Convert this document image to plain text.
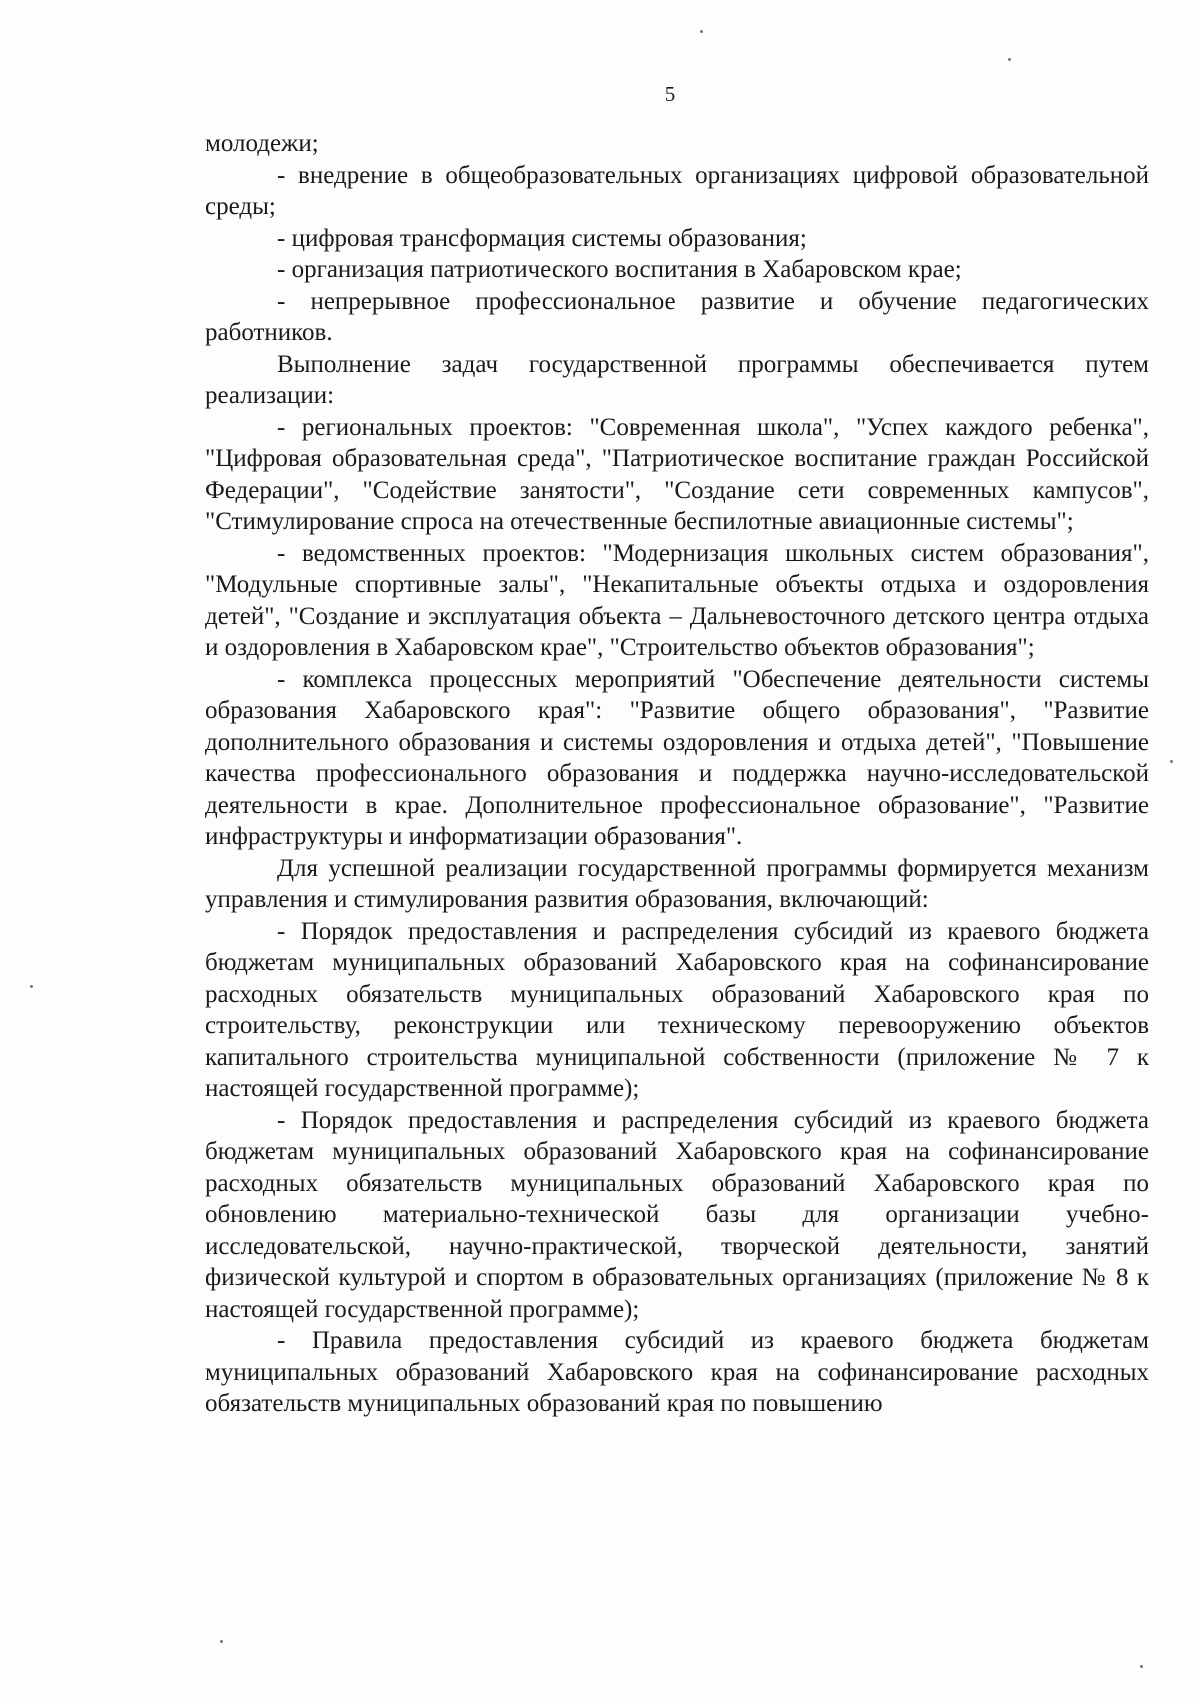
5

молодежи;

- внедрение в общеобразовательных организациях цифровой образовательной среды;

- цифровая трансформация системы образования;

- организация патриотического воспитания в Хабаровском крае;

- непрерывное профессиональное развитие и обучение педагогических работников.

Выполнение задач государственной программы обеспечивается путем реализации:

- региональных проектов: "Современная школа", "Успех каждого ребенка", "Цифровая образовательная среда", "Патриотическое воспитание граждан Российской Федерации", "Содействие занятости", "Создание сети современных кампусов", "Стимулирование спроса на отечественные беспилотные авиационные системы";

- ведомственных проектов: "Модернизация школьных систем образования", "Модульные спортивные залы", "Некапитальные объекты отдыха и оздоровления детей", "Создание и эксплуатация объекта – Дальневосточного детского центра отдыха и оздоровления в Хабаровском крае", "Строительство объектов образования";

- комплекса процессных мероприятий "Обеспечение деятельности системы образования Хабаровского края": "Развитие общего образования", "Развитие дополнительного образования и системы оздоровления и отдыха детей", "Повышение качества профессионального образования и поддержка научно-исследовательской деятельности в крае. Дополнительное профессиональное образование", "Развитие инфраструктуры и информатизации образования".

Для успешной реализации государственной программы формируется механизм управления и стимулирования развития образования, включающий:

- Порядок предоставления и распределения субсидий из краевого бюджета бюджетам муниципальных образований Хабаровского края на софинансирование расходных обязательств муниципальных образований Хабаровского края по строительству, реконструкции или техническому перевооружению объектов капитального строительства муниципальной собственности (приложение № 7 к настоящей государственной программе);

- Порядок предоставления и распределения субсидий из краевого бюджета бюджетам муниципальных образований Хабаровского края на софинансирование расходных обязательств муниципальных образований Хабаровского края по обновлению материально-технической базы для организации учебно-исследовательской, научно-практической, творческой деятельности, занятий физической культурой и спортом в образовательных организациях (приложение № 8 к настоящей государственной программе);

- Правила предоставления субсидий из краевого бюджета бюджетам муниципальных образований Хабаровского края на софинансирование расходных обязательств муниципальных образований края по повышению
